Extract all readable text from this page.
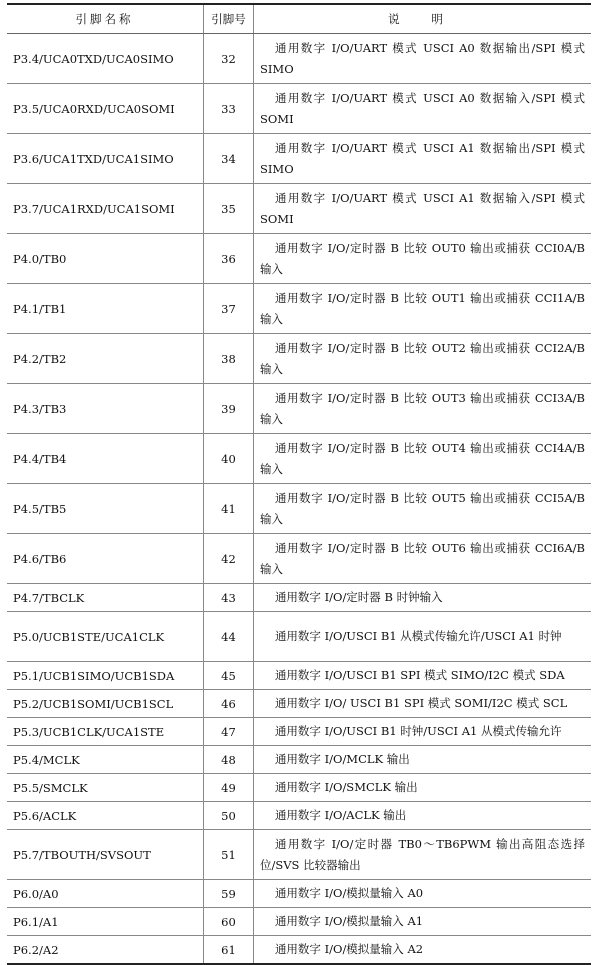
引脚名称	引脚号	说 明
P3.4/UCA0TXD/UCA0SIMO	32	通用数字 I/O/UART 模式 USCI A0 数据输出/SPI 模式 SIMO

P3.5/UCA0RXD/UCA0SOMI	33	通用数字 I/O/UART 模式 USCI A0 数据输入/SPI 模式 SOMI

P3.6/UCA1TXD/UCA1SIMO	34	通用数字 I/O/UART 模式 USCI A1 数据输出/SPI 模式 SIMO

P3.7/UCA1RXD/UCA1SOMI	35	通用数字 I/O/UART 模式 USCI A1 数据输入/SPI 模式 SOMI

P4.0/TB0	36	通用数字 I/O/定时器 B 比较 OUT0 输出或捕获 CCI0A/B 输入

P4.1/TB1	37	通用数字 I/O/定时器 B 比较 OUT1 输出或捕获 CCI1A/B 输入

P4.2/TB2	38	通用数字 I/O/定时器 B 比较 OUT2 输出或捕获 CCI2A/B 输入

P4.3/TB3	39	通用数字 I/O/定时器 B 比较 OUT3 输出或捕获 CCI3A/B 输入

P4.4/TB4	40	通用数字 I/O/定时器 B 比较 OUT4 输出或捕获 CCI4A/B 输入

P4.5/TB5	41	通用数字 I/O/定时器 B 比较 OUT5 输出或捕获 CCI5A/B 输入

P4.6/TB6	42	通用数字 I/O/定时器 B 比较 OUT6 输出或捕获 CCI6A/B 输入

P4.7/TBCLK	43	通用数字 I/O/定时器 B 时钟输入

P5.0/UCB1STE/UCA1CLK	44	通用数字 I/O/USCI B1 从模式传输允许/USCI A1 时钟

P5.1/UCB1SIMO/UCB1SDA	45	通用数字 I/O/USCI B1 SPI 模式 SIMO/I2C 模式 SDA

P5.2/UCB1SOMI/UCB1SCL	46	通用数字 I/O/ USCI B1 SPI 模式 SOMI/I2C 模式 SCL

P5.3/UCB1CLK/UCA1STE	47	通用数字 I/O/USCI B1 时钟/USCI A1 从模式传输允许

P5.4/MCLK	48	通用数字 I/O/MCLK 输出

P5.5/SMCLK	49	通用数字 I/O/SMCLK 输出

P5.6/ACLK	50	通用数字 I/O/ACLK 输出

P5.7/TBOUTH/SVSOUT	51	通用数字 I/O/定时器 TB0～TB6PWM 输出高阻态选择位/SVS 比较器输出

P6.0/A0	59	通用数字 I/O/模拟量输入 A0

P6.1/A1	60	通用数字 I/O/模拟量输入 A1

P6.2/A2	61	通用数字 I/O/模拟量输入 A2
